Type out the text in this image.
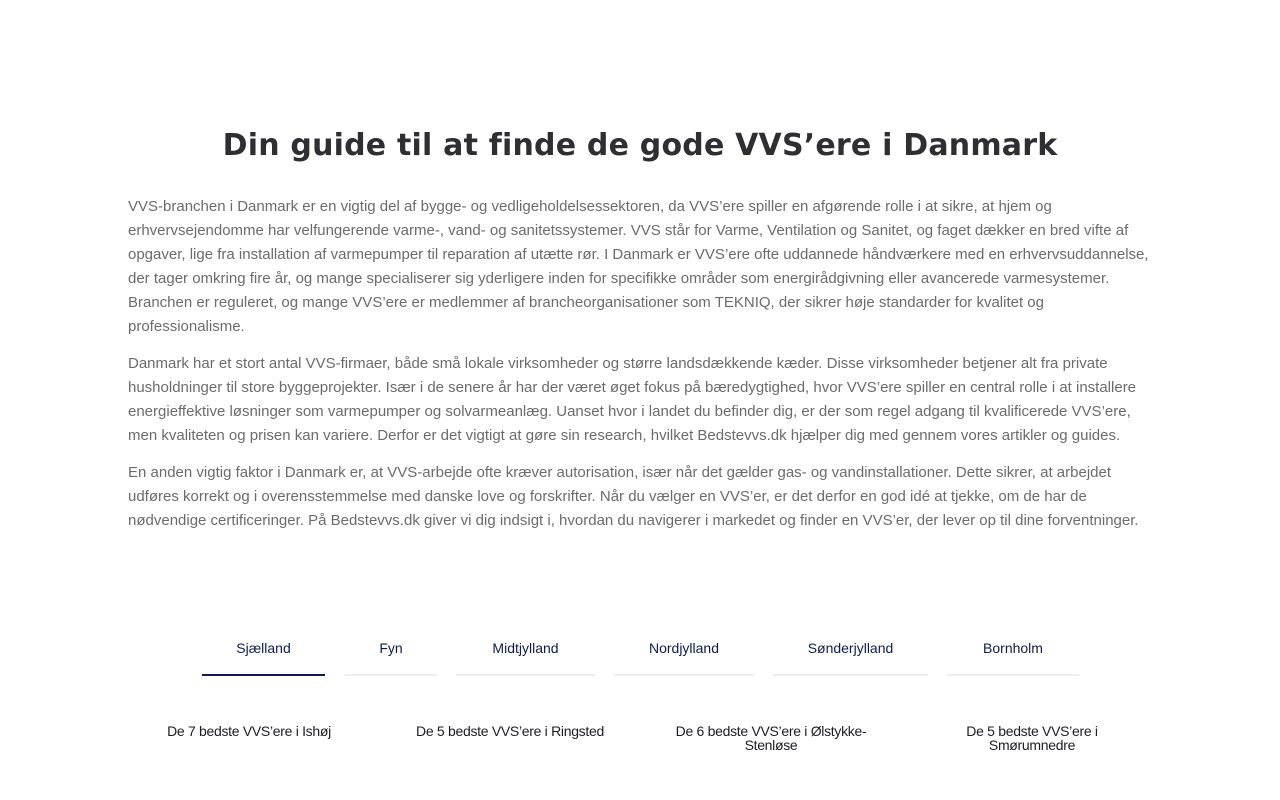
Din guide til at finde de gode VVS’ere i Danmark

VVS-branchen i Danmark er en vigtig del af bygge- og vedligeholdelsessektoren, da VVS’ere spiller en afgørende rolle i at sikre, at hjem og erhvervsejendomme har velfungerende varme-, vand- og sanitetssystemer. VVS står for Varme, Ventilation og Sanitet, og faget dækker en bred vifte af opgaver, lige fra installation af varmepumper til reparation af utætte rør. I Danmark er VVS’ere ofte uddannede håndværkere med en erhvervsuddannelse, der tager omkring fire år, og mange specialiserer sig yderligere inden for specifikke områder som energirådgivning eller avancerede varmesystemer. Branchen er reguleret, og mange VVS’ere er medlemmer af brancheorganisationer som TEKNIQ, der sikrer høje standarder for kvalitet og professionalisme.

Danmark har et stort antal VVS-firmaer, både små lokale virksomheder og større landsdækkende kæder. Disse virksomheder betjener alt fra private husholdninger til store byggeprojekter. Især i de senere år har der været øget fokus på bæredygtighed, hvor VVS’ere spiller en central rolle i at installere energieffektive løsninger som varmepumper og solvarmeanlæg. Uanset hvor i landet du befinder dig, er der som regel adgang til kvalificerede VVS’ere, men kvaliteten og prisen kan variere. Derfor er det vigtigt at gøre sin research, hvilket Bedstevvs.dk hjælper dig med gennem vores artikler og guides.

En anden vigtig faktor i Danmark er, at VVS-arbejde ofte kræver autorisation, især når det gælder gas- og vandinstallationer. Dette sikrer, at arbejdet udføres korrekt og i overensstemmelse med danske love og forskrifter. Når du vælger en VVS’er, er det derfor en god idé at tjekke, om de har de nødvendige certificeringer. På Bedstevvs.dk giver vi dig indsigt i, hvordan du navigerer i markedet og finder en VVS’er, der lever op til dine forventninger.

Sjælland	Fyn	Midtjylland	Nordjylland	Sønderjylland	Bornholm
De 7 bedste VVS’ere i Ishøj	De 5 bedste VVS’ere i Ringsted	De 6 bedste VVS’ere i Ølstykke-Stenløse
De 5 bedste VVS’ere i Smørumnedre
